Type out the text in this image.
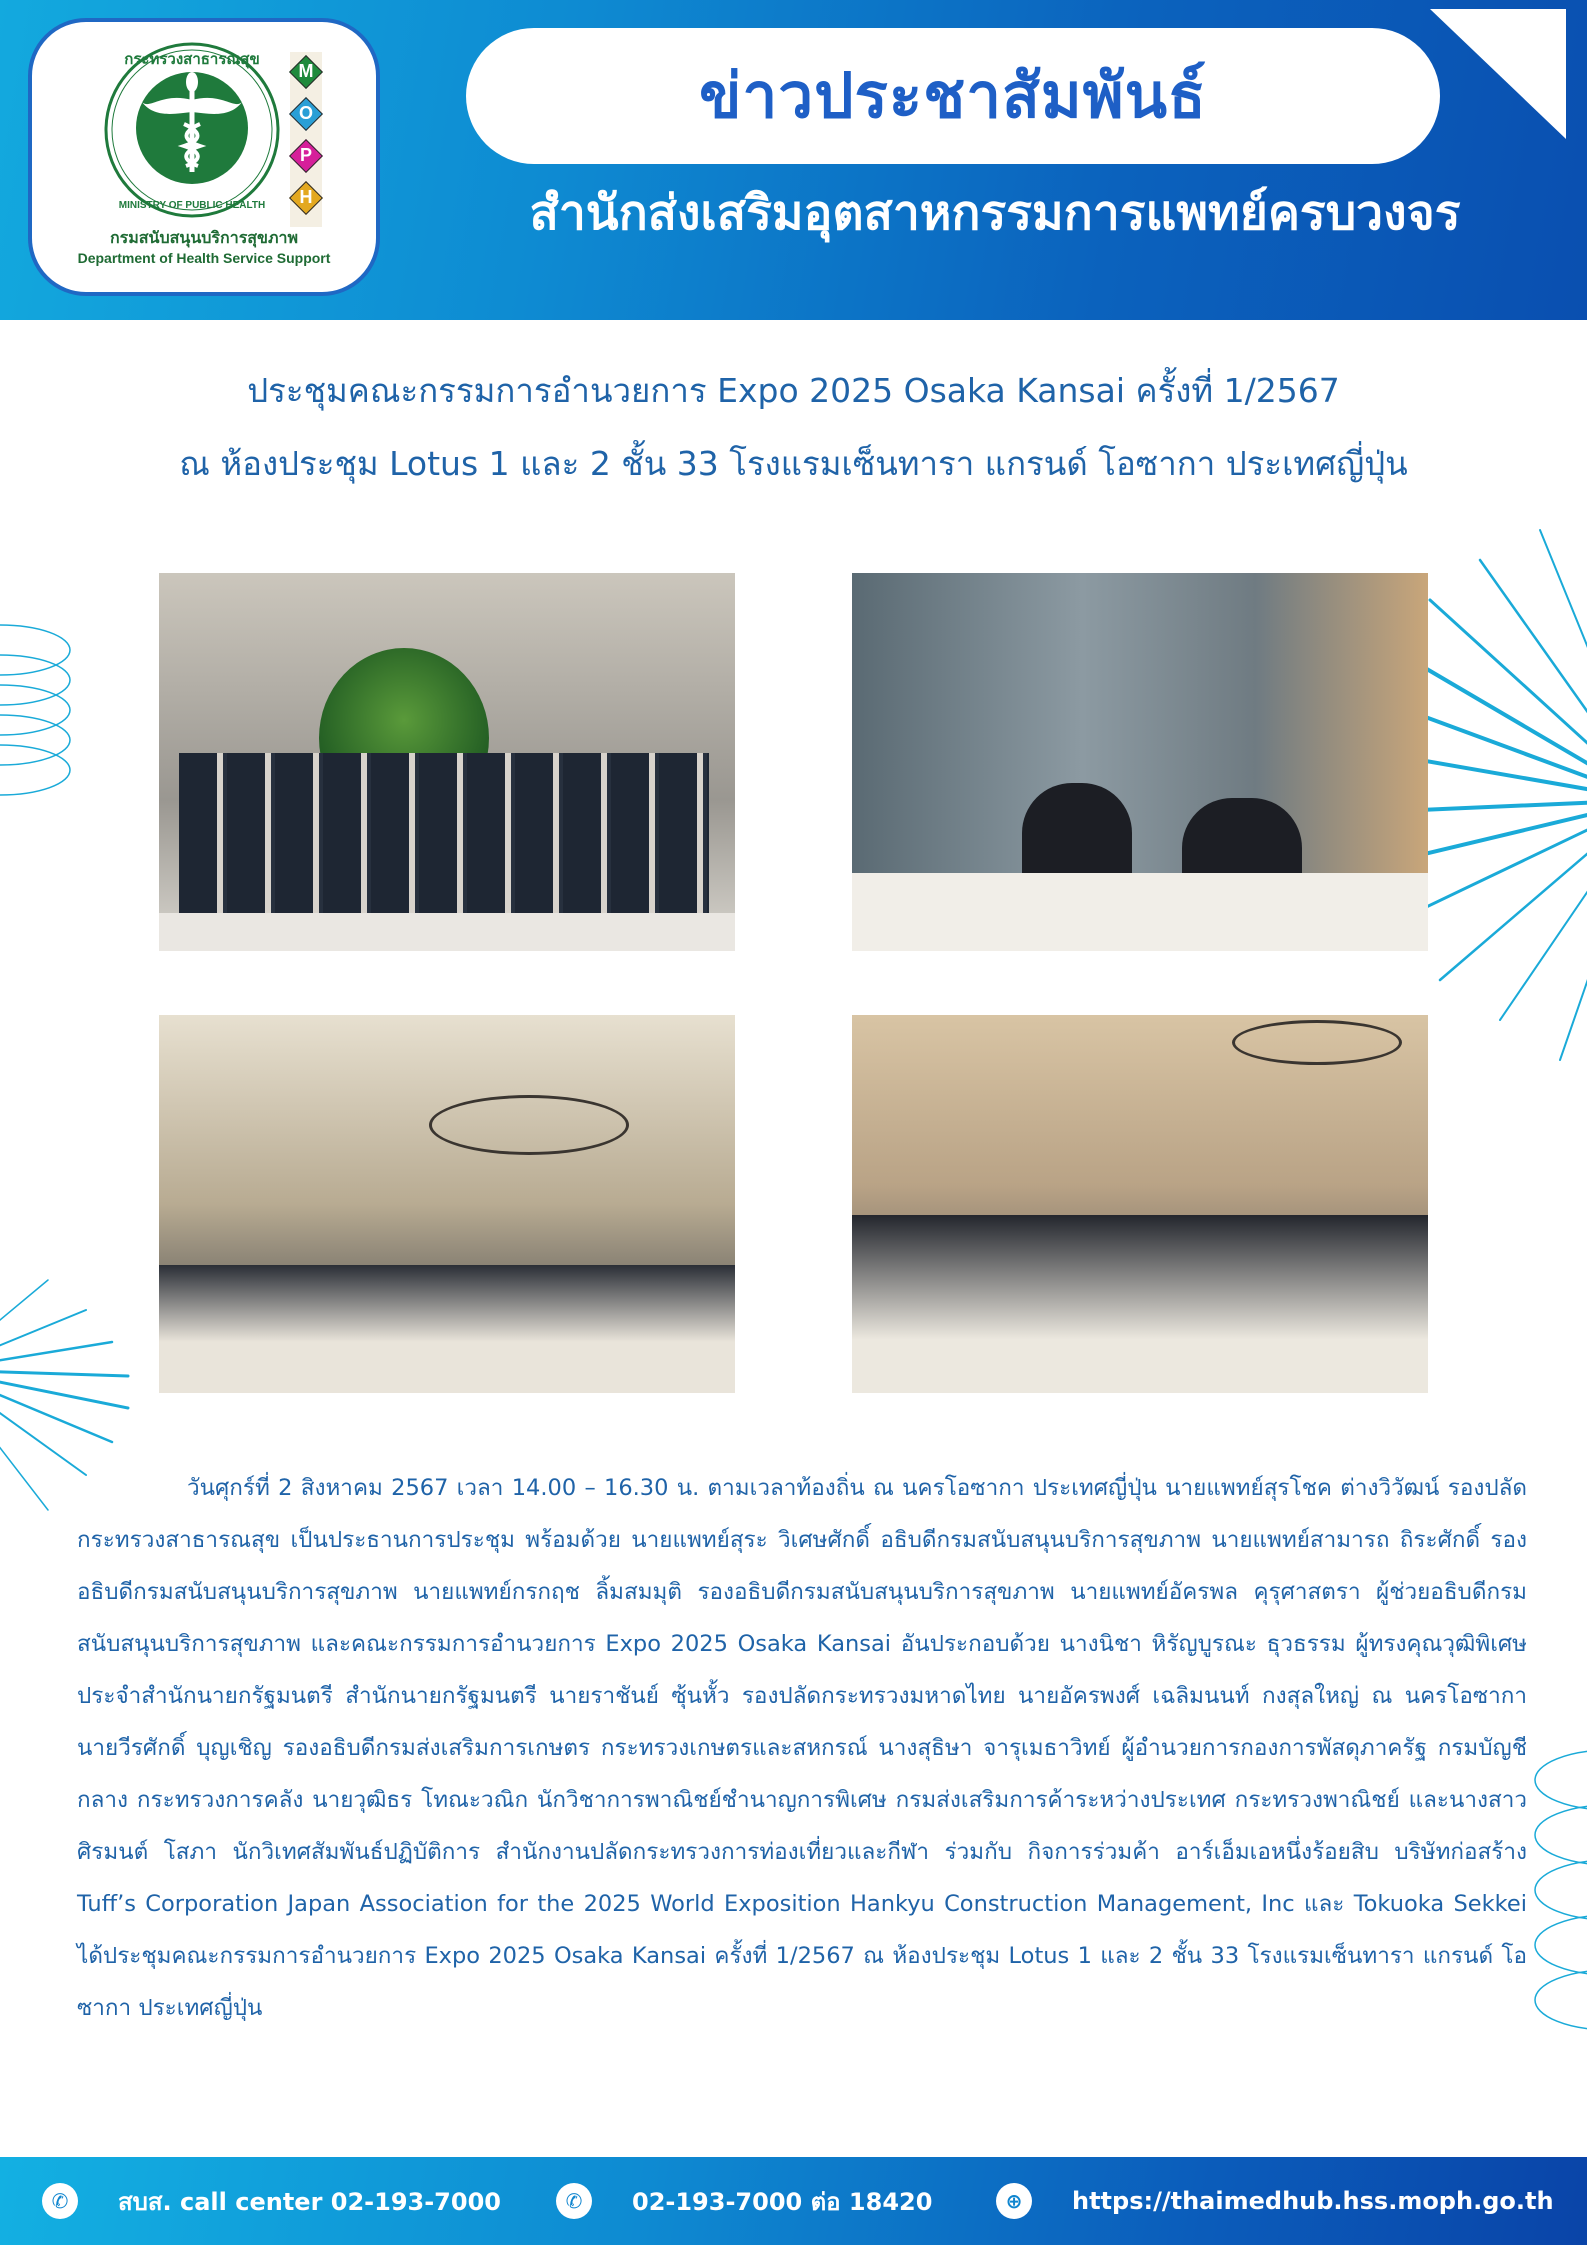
กระทรวงสาธารณสุข
MINISTRY OF PUBLIC HEALTH
M
O
P
H
กรมสนับสนุนบริการสุขภาพ
Department of Health Service Support
ข่าวประชาสัมพันธ์
สำนักส่งเสริมอุตสาหกรรมการแพทย์ครบวงจร
ประชุมคณะกรรมการอำนวยการ Expo 2025 Osaka Kansai ครั้งที่ 1/2567
ณ ห้องประชุม Lotus 1 และ 2 ชั้น 33 โรงแรมเซ็นทารา แกรนด์ โอซากา ประเทศญี่ปุ่น
วันศุกร์ที่ 2 สิงหาคม 2567 เวลา 14.00 – 16.30 น. ตามเวลาท้องถิ่น ณ นครโอซากา ประเทศญี่ปุ่น นายแพทย์สุรโชค ต่างวิวัฒน์ รองปลัดกระทรวงสาธารณสุข เป็นประธานการประชุม พร้อมด้วย นายแพทย์สุระ วิเศษศักดิ์ อธิบดีกรมสนับสนุนบริการสุขภาพ นายแพทย์สามารถ ถิระศักดิ์ รองอธิบดีกรมสนับสนุนบริการสุขภาพ นายแพทย์กรกฤช ลิ้มสมมุติ รองอธิบดีกรมสนับสนุนบริการสุขภาพ นายแพทย์อัครพล คุรุศาสตรา ผู้ช่วยอธิบดีกรมสนับสนุนบริการสุขภาพ และคณะกรรมการอำนวยการ Expo 2025 Osaka Kansai อันประกอบด้วย นางนิชา หิรัญบูรณะ ธุวธรรม ผู้ทรงคุณวุฒิพิเศษประจำสำนักนายกรัฐมนตรี สำนักนายกรัฐมนตรี นายราชันย์ ซุ้นหั้ว รองปลัดกระทรวงมหาดไทย นายอัครพงศ์ เฉลิมนนท์ กงสุลใหญ่ ณ นครโอซากา นายวีรศักดิ์ บุญเชิญ รองอธิบดีกรมส่งเสริมการเกษตร กระทรวงเกษตรและสหกรณ์ นางสุธิษา จารุเมธาวิทย์ ผู้อำนวยการกองการพัสดุภาครัฐ กรมบัญชีกลาง กระทรวงการคลัง นายวุฒิธร โทณะวณิก นักวิชาการพาณิชย์ชำนาญการพิเศษ กรมส่งเสริมการค้าระหว่างประเทศ กระทรวงพาณิชย์ และนางสาวศิรมนต์ โสภา นักวิเทศสัมพันธ์ปฏิบัติการ สำนักงานปลัดกระทรวงการท่องเที่ยวและกีฬา ร่วมกับ กิจการร่วมค้า อาร์เอ็มเอหนึ่งร้อยสิบ บริษัทก่อสร้าง Tuff’s Corporation Japan Association for the 2025 World Exposition Hankyu Construction Management, Inc และ Tokuoka Sekkei ได้ประชุมคณะกรรมการอำนวยการ Expo 2025 Osaka Kansai ครั้งที่ 1/2567 ณ ห้องประชุม Lotus 1 และ 2 ชั้น 33 โรงแรมเซ็นทารา แกรนด์ โอซากา ประเทศญี่ปุ่น
✆	สบส. call center 02-193-7000	✆	02-193-7000 ต่อ 18420	⊕	https://thaimedhub.hss.moph.go.th
